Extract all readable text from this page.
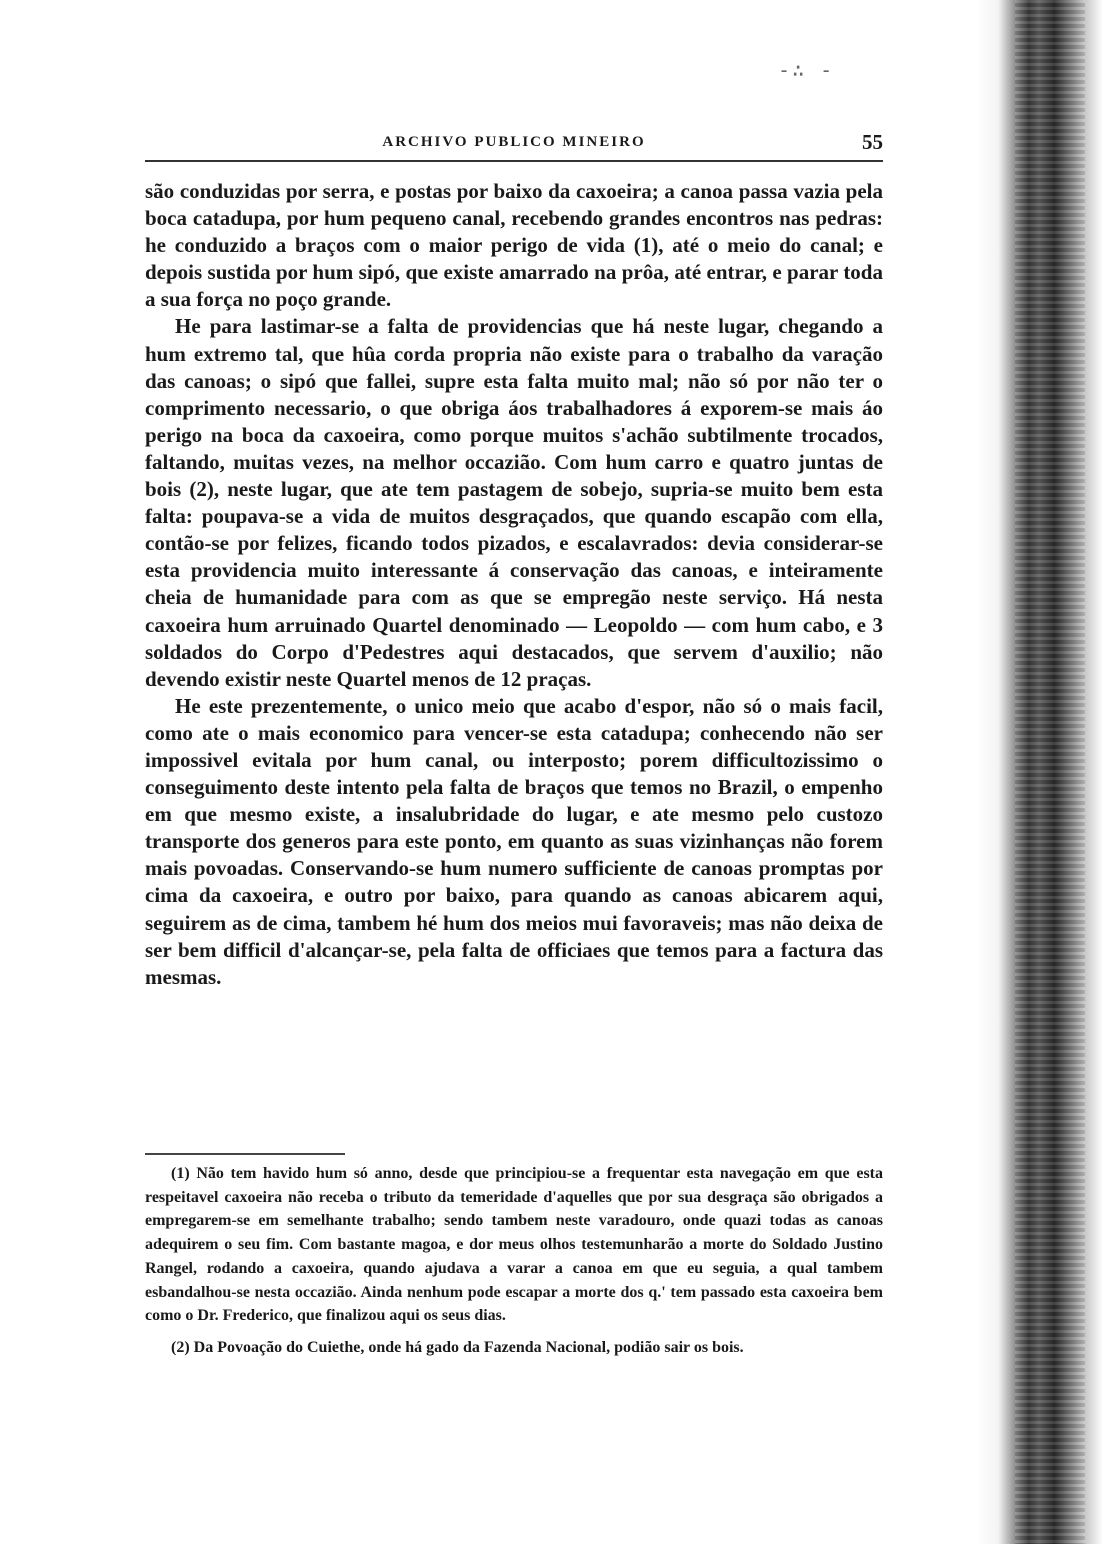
-∴ -
ARCHIVO PUBLICO MINEIRO	55

são conduzidas por serra, e postas por baixo da caxoeira; a canoa passa vazia pela boca catadupa, por hum pequeno canal, recebendo grandes encontros nas pedras: he conduzido a braços com o maior perigo de vida (1), até o meio do canal; e depois sustida por hum sipó, que existe amarrado na prôa, até entrar, e parar toda a sua força no poço grande.

He para lastimar-se a falta de providencias que há neste lugar, chegando a hum extremo tal, que hûa corda propria não existe para o trabalho da varação das canoas; o sipó que fallei, supre esta falta muito mal; não só por não ter o comprimento necessario, o que obriga áos trabalhadores á exporem-se mais áo perigo na boca da caxoeira, como porque muitos s'achão subtilmente trocados, faltando, muitas vezes, na melhor occazião. Com hum carro e quatro juntas de bois (2), neste lugar, que ate tem pastagem de sobejo, supria-se muito bem esta falta: poupava-se a vida de muitos desgraçados, que quando escapão com ella, contão-se por felizes, ficando todos pizados, e escalavrados: devia considerar-se esta providencia muito interessante á conservação das canoas, e inteiramente cheia de humanidade para com as que se empregão neste serviço. Há nesta caxoeira hum arruinado Quartel denominado — Leopoldo — com hum cabo, e 3 soldados do Corpo d'Pedestres aqui destacados, que servem d'auxilio; não devendo existir neste Quartel menos de 12 praças.

He este prezentemente, o unico meio que acabo d'espor, não só o mais facil, como ate o mais economico para vencer-se esta catadupa; conhecendo não ser impossivel evitala por hum canal, ou interposto; porem difficultozissimo o conseguimento deste intento pela falta de braços que temos no Brazil, o empenho em que mesmo existe, a insalubridade do lugar, e ate mesmo pelo custozo transporte dos generos para este ponto, em quanto as suas vizinhanças não forem mais povoadas. Conservando-se hum numero sufficiente de canoas promptas por cima da caxoeira, e outro por baixo, para quando as canoas abicarem aqui, seguirem as de cima, tambem hé hum dos meios mui favoraveis; mas não deixa de ser bem difficil d'alcançar-se, pela falta de officiaes que temos para a factura das mesmas.

(1) Não tem havido hum só anno, desde que principiou-se a frequentar esta navegação em que esta respeitavel caxoeira não receba o tributo da temeridade d'aquelles que por sua desgraça são obrigados a empregarem-se em semelhante trabalho; sendo tambem neste varadouro, onde quazi todas as canoas adequirem o seu fim. Com bastante magoa, e dor meus olhos testemunharão a morte do Soldado Justino Rangel, rodando a caxoeira, quando ajudava a varar a canoa em que eu seguia, a qual tambem esbandalhou-se nesta occazião. Ainda nenhum pode escapar a morte dos q.' tem passado esta caxoeira bem como o Dr. Frederico, que finalizou aqui os seus dias.

(2) Da Povoação do Cuiethe, onde há gado da Fazenda Nacional, podião sair os bois.
